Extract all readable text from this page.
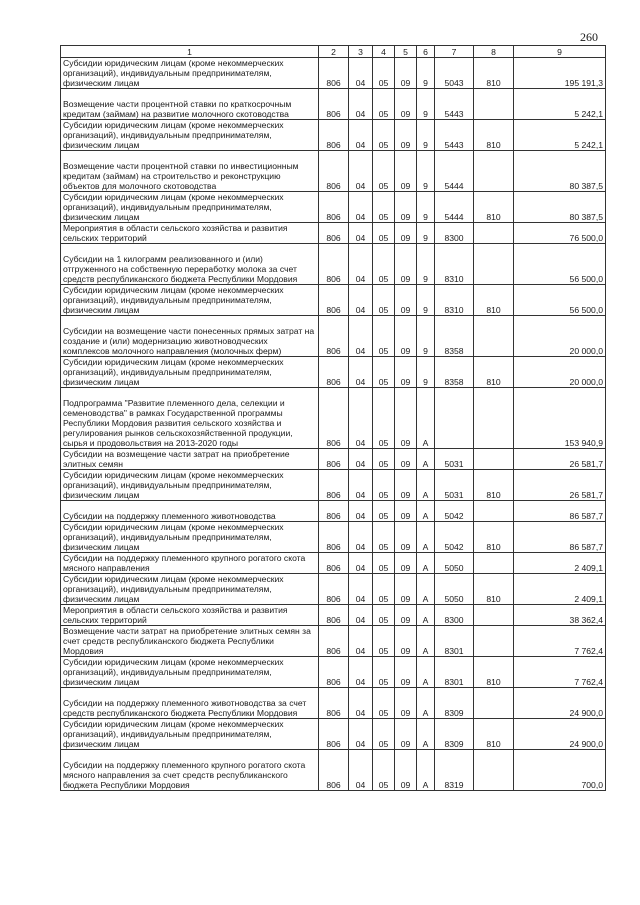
260
1	2	3	4	5	6	7	8	9
Субсидии юридическим лицам (кроме некоммерческих организаций), индивидуальным предпринимателям, физическим лицам	806	04	05	09	9	5043	810	195 191,3
Возмещение части процентной ставки по краткосрочным кредитам (займам) на развитие молочного скотоводства	806	04	05	09	9	5443		5 242,1
Субсидии юридическим лицам (кроме некоммерческих организаций), индивидуальным предпринимателям, физическим лицам	806	04	05	09	9	5443	810	5 242,1
Возмещение части процентной ставки по инвестиционным кредитам (займам) на строительство и реконструкцию объектов для молочного скотоводства	806	04	05	09	9	5444		80 387,5
Субсидии юридическим лицам (кроме некоммерческих организаций), индивидуальным предпринимателям, физическим лицам	806	04	05	09	9	5444	810	80 387,5
Мероприятия в области сельского хозяйства и развития сельских территорий	806	04	05	09	9	8300		76 500,0
Субсидии на 1 килограмм реализованного и (или) отгруженного на собственную переработку молока за счет средств республиканского бюджета Республики Мордовия	806	04	05	09	9	8310		56 500,0
Субсидии юридическим лицам (кроме некоммерческих организаций), индивидуальным предпринимателям, физическим лицам	806	04	05	09	9	8310	810	56 500,0
Субсидии на возмещение части понесенных прямых затрат на создание и (или) модернизацию животноводческих комплексов молочного направления (молочных ферм)	806	04	05	09	9	8358		20 000,0
Субсидии юридическим лицам (кроме некоммерческих организаций), индивидуальным предпринимателям, физическим лицам	806	04	05	09	9	8358	810	20 000,0
Подпрограмма "Развитие племенного дела, селекции и семеноводства" в рамках Государственной программы Республики Мордовия развития сельского хозяйства и регулирования рынков сельскохозяйственной продукции, сырья и продовольствия на 2013-2020 годы	806	04	05	09	А			153 940,9
Субсидии на возмещение части затрат на приобретение элитных семян	806	04	05	09	А	5031		26 581,7
Субсидии юридическим лицам (кроме некоммерческих организаций), индивидуальным предпринимателям, физическим лицам	806	04	05	09	А	5031	810	26 581,7
Субсидии на поддержку племенного животноводства	806	04	05	09	А	5042		86 587,7
Субсидии юридическим лицам (кроме некоммерческих организаций), индивидуальным предпринимателям, физическим лицам	806	04	05	09	А	5042	810	86 587,7
Субсидии на поддержку племенного крупного рогатого скота мясного направления	806	04	05	09	А	5050		2 409,1
Субсидии юридическим лицам (кроме некоммерческих организаций), индивидуальным предпринимателям, физическим лицам	806	04	05	09	А	5050	810	2 409,1
Мероприятия в области сельского хозяйства и развития сельских территорий	806	04	05	09	А	8300		38 362,4
Возмещение части затрат на приобретение элитных семян за счет средств республиканского бюджета Республики Мордовия	806	04	05	09	А	8301		7 762,4
Субсидии юридическим лицам (кроме некоммерческих организаций), индивидуальным предпринимателям, физическим лицам	806	04	05	09	А	8301	810	7 762,4
Субсидии на поддержку племенного животноводства за счет средств республиканского бюджета Республики Мордовия	806	04	05	09	А	8309		24 900,0
Субсидии юридическим лицам (кроме некоммерческих организаций), индивидуальным предпринимателям, физическим лицам	806	04	05	09	А	8309	810	24 900,0
Субсидии на поддержку племенного крупного рогатого скота мясного направления за счет средств республиканского бюджета Республики Мордовия	806	04	05	09	А	8319		700,0
